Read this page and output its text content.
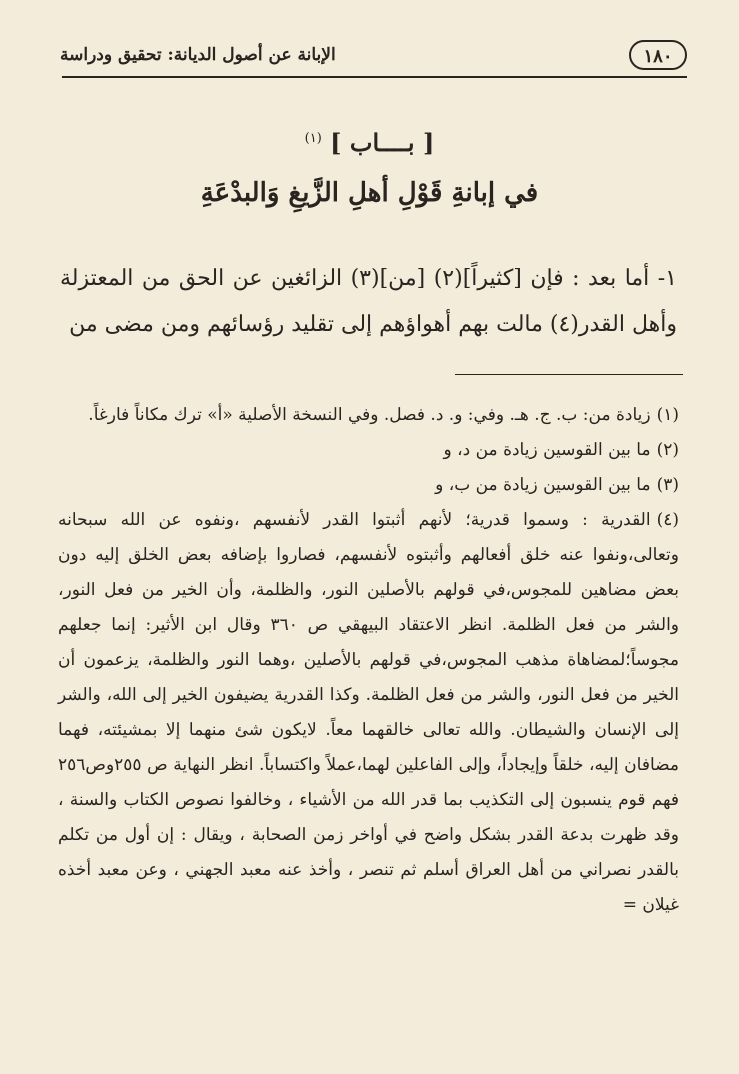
١٨٠
الإبانة عن أصول الديانة: تحقيق ودراسة
[ بــــاب ] $^{(١)}$
في إبانةِ قَوْلِ أهلِ الزَّيغِ وَالبدْعَةِ

١- أما بعد : فإن [كثيراً](٢) [من](٣) الزائغين عن الحق من المعتزلة وأهل القدر(٤) مالت بهم أهواؤهم إلى تقليد رؤسائهم ومن مضى من

(١)زيادة من: ب. ج. هـ. وفي: و. د. فصل. وفي النسخة الأصلية «أ» ترك مكاناً فارغاً.

(٢)ما بين القوسين زيادة من د، و

(٣)ما بين القوسين زيادة من ب، و

(٤)القدرية : وسموا قدرية؛ لأنهم أثبتوا القدر لأنفسهم ،ونفوه عن الله سبحانه وتعالى،ونفوا عنه خلق أفعالهم وأثبتوه لأنفسهم، فصاروا بإضافه بعض الخلق إليه دون بعض مضاهين للمجوس،في قولهم بالأصلين النور، والظلمة، وأن الخير من فعل النور، والشر من فعل الظلمة. انظر الاعتقاد البيهقي ص ٣٦٠ وقال ابن الأثير: إنما جعلهم مجوساً؛لمضاهاة مذهب المجوس،في قولهم بالأصلين ،وهما النور والظلمة، يزعمون أن الخير من فعل النور، والشر من فعل الظلمة. وكذا القدرية يضيفون الخير إلى الله، والشر إلى الإنسان والشيطان. والله تعالى خالقهما معاً. لايكون شئ منهما إلا بمشيئته، فهما مضافان إليه، خلقاً وإيجاداً، وإلى الفاعلين لهما،عملاً واكتساباً. انظر النهاية ص ٢٥٥وص٢٥٦ فهم قوم ينسبون إلى التكذيب بما قدر الله من الأشياء ، وخالفوا نصوص الكتاب والسنة ، وقد ظهرت بدعة القدر بشكل واضح في أواخر زمن الصحابة ، ويقال : إن أول من تكلم بالقدر نصراني من أهل العراق أسلم ثم تنصر ، وأخذ عنه معبد الجهني ، وعن معبد أخذه غيلان =
